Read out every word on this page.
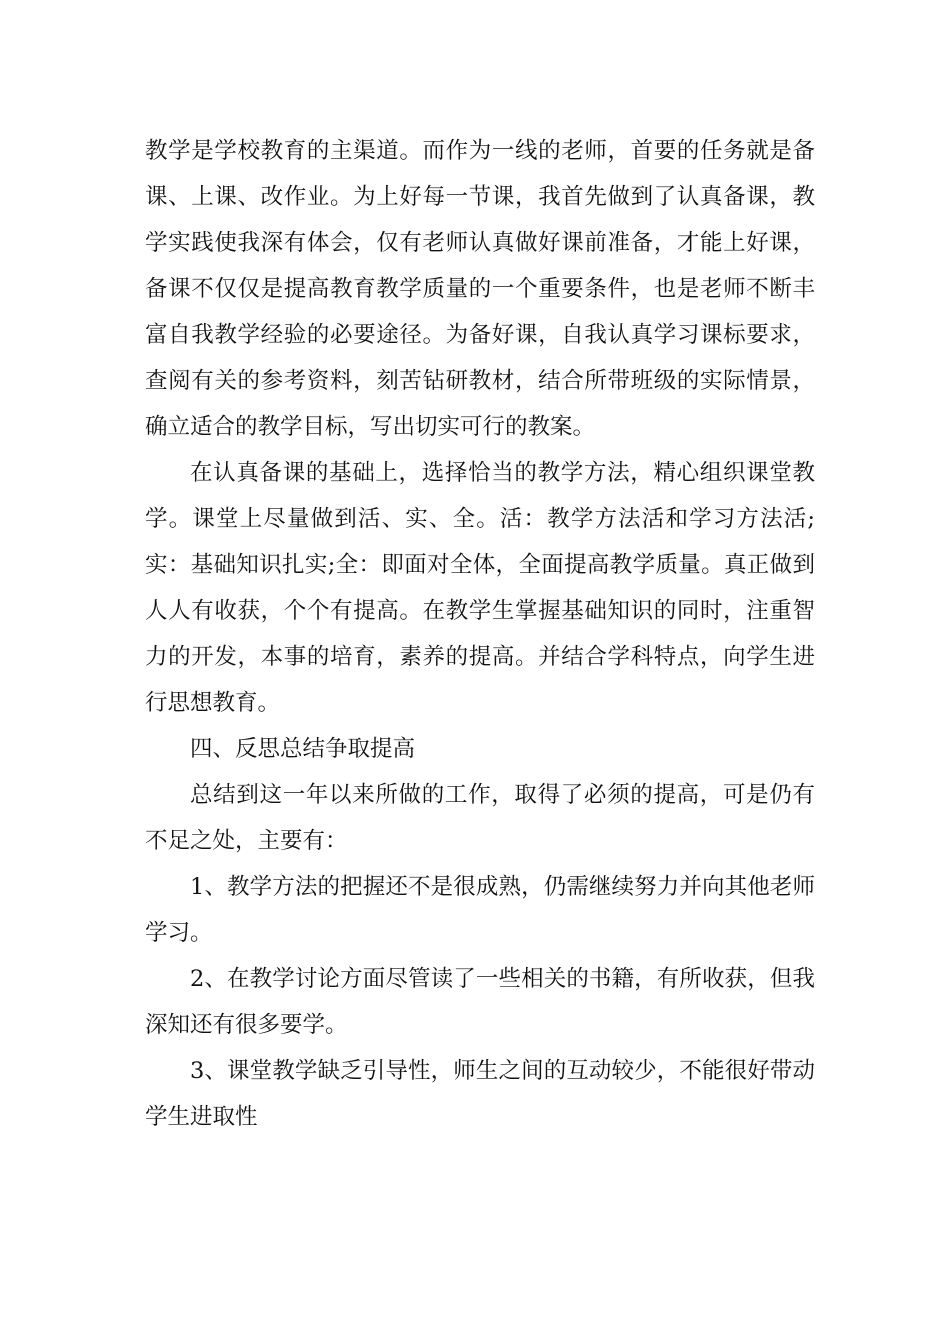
教学是学校教育的主渠道。而作为一线的老师，首要的任务就是备课、上课、改作业。为上好每一节课，我首先做到了认真备课，教学实践使我深有体会，仅有老师认真做好课前准备，才能上好课，备课不仅仅是提高教育教学质量的一个重要条件，也是老师不断丰富自我教学经验的必要途径。为备好课，自我认真学习课标要求，查阅有关的参考资料，刻苦钻研教材，结合所带班级的实际情景，确立适合的教学目标，写出切实可行的教案。

在认真备课的基础上，选择恰当的教学方法，精心组织课堂教学。课堂上尽量做到活、实、全。活：教学方法活和学习方法活;实：基础知识扎实;全：即面对全体，全面提高教学质量。真正做到人人有收获，个个有提高。在教学生掌握基础知识的同时，注重智力的开发，本事的培育，素养的提高。并结合学科特点，向学生进行思想教育。

四、反思总结争取提高

总结到这一年以来所做的工作，取得了必须的提高，可是仍有不足之处，主要有：

1、教学方法的把握还不是很成熟，仍需继续努力并向其他老师学习。

2、在教学讨论方面尽管读了一些相关的书籍，有所收获，但我深知还有很多要学。

3、课堂教学缺乏引导性，师生之间的互动较少，不能很好带动学生进取性
